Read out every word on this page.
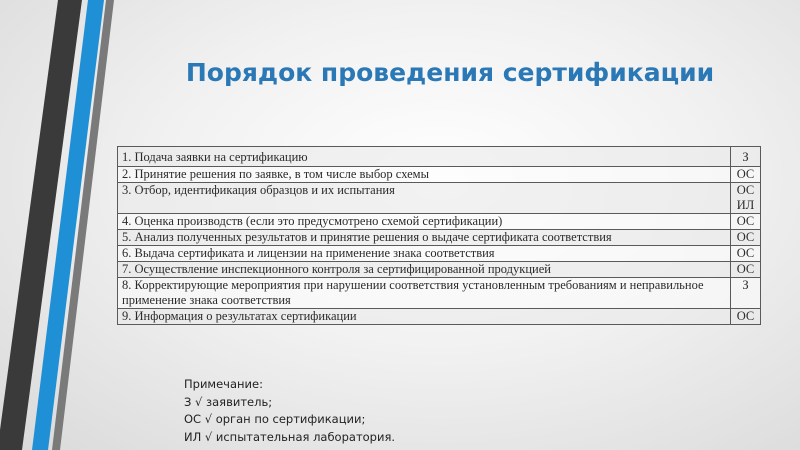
Порядок проведения сертификации
1. Подача заявки на сертификацию	З

2. Принятие решения по заявке, в том числе выбор схемы	ОС

3. Отбор, идентификация образцов и их испытания	ОС
ИЛ

4. Оценка производств (если это предусмотрено схемой сертификации)	ОС

5. Анализ полученных результатов и принятие решения о выдаче сертификата соответствия	ОС

6. Выдача сертификата и лицензии на применение знака соответствия	ОС

7. Осуществление инспекционного контроля за сертифицированной продукцией	ОС

8. Корректирующие мероприятия при нарушении соответствия установленным требованиям и неправильное применение знака соответствия	З

9. Информация о результатах сертификации	ОС
Примечание:
З √ заявитель;
ОС √ орган по сертификации;
ИЛ √ испытательная лаборатория.
